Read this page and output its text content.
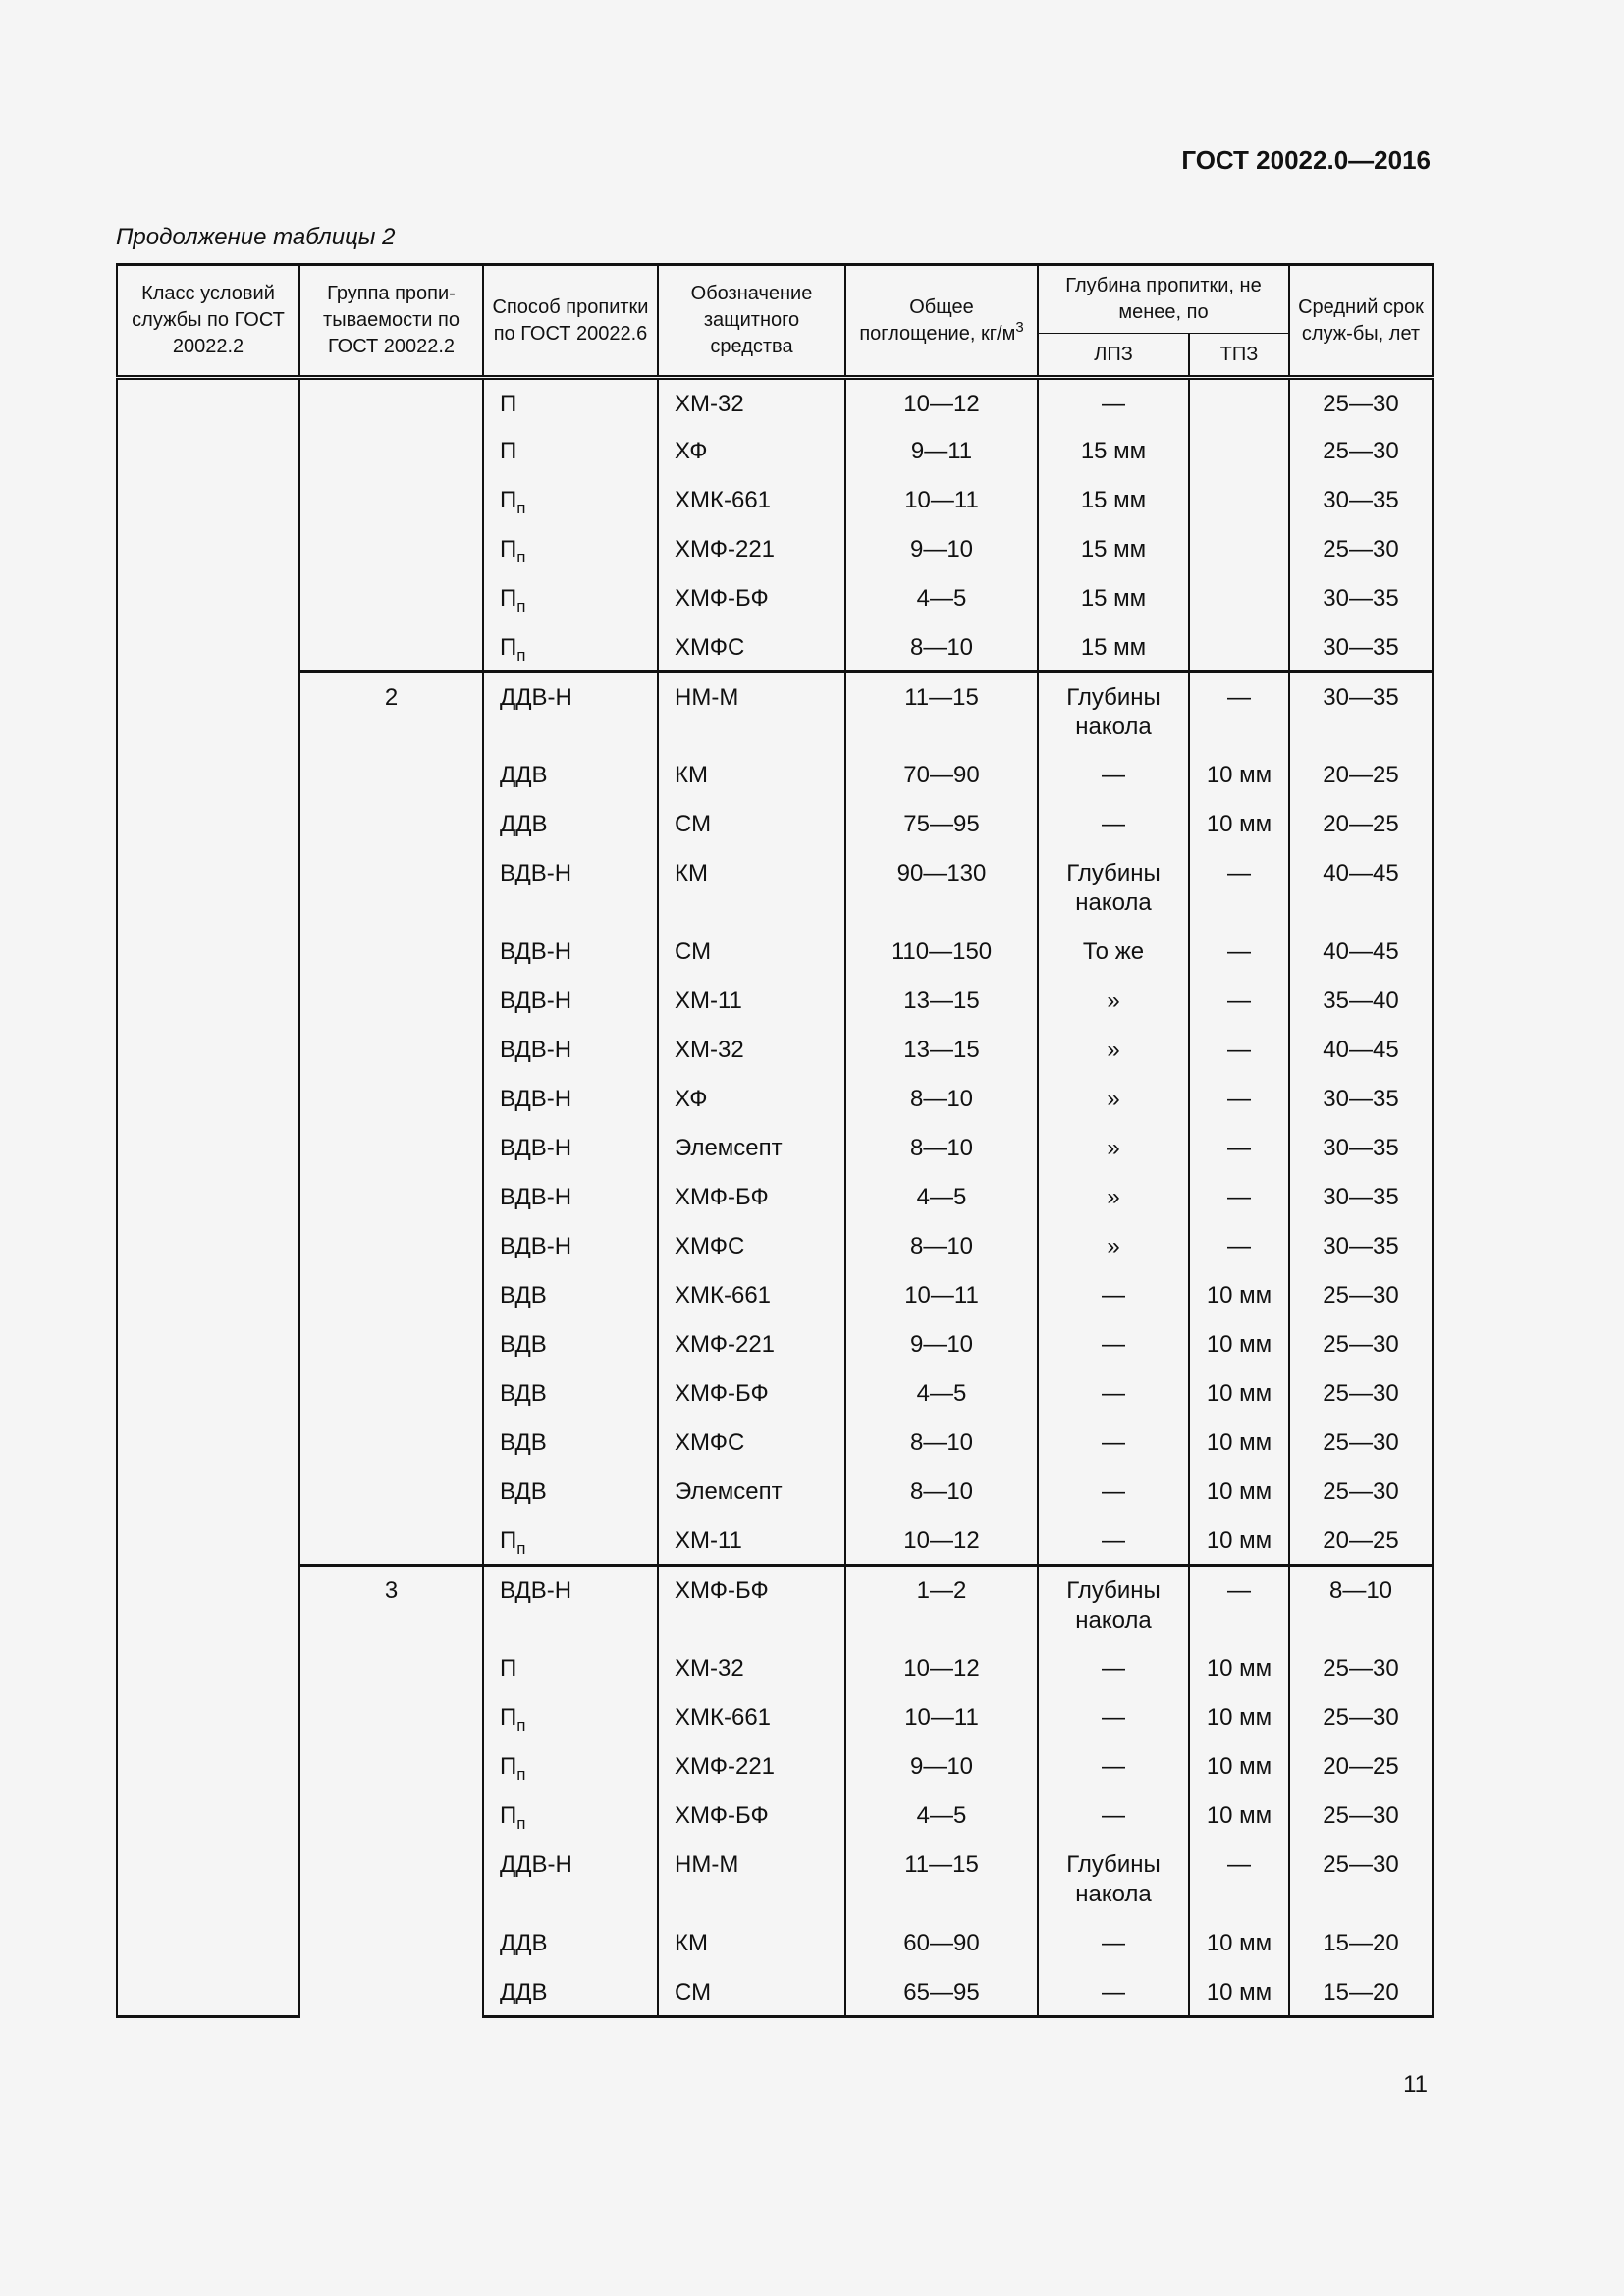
ГОСТ 20022.0—2016
Продолжение таблицы 2
Класс условий службы по ГОСТ 20022.2	Группа пропи-тываемости по ГОСТ 20022.2	Способ пропитки по ГОСТ 20022.6	Обозначение защитного средства	Общее поглощение, $кг/м^3$	Глубина пропитки, не менее, по		Средний срок служ-бы, лет
					ЛПЗ	ТПЗ	
		П	ХМ-32	10—12	—		25—30
		П	ХФ	9—11	15 мм		25—30
		$П_п$	ХМК-661	10—11	15 мм		30—35
		$П_п$	ХМФ-221	9—10	15 мм		25—30
		$П_п$	ХМФ-БФ	4—5	15 мм		30—35
		$П_п$	ХМФС	8—10	15 мм		30—35
	2	ДДВ-Н	НМ-М	11—15	Глубины накола	—	30—35
		ДДВ	КМ	70—90	—	10 мм	20—25
		ДДВ	СМ	75—95	—	10 мм	20—25
		ВДВ-Н	КМ	90—130	Глубины накола	—	40—45
		ВДВ-Н	СМ	110—150	То же	—	40—45
		ВДВ-Н	ХМ-11	13—15	»	—	35—40
		ВДВ-Н	ХМ-32	13—15	»	—	40—45
		ВДВ-Н	ХФ	8—10	»	—	30—35
		ВДВ-Н	Элемсепт	8—10	»	—	30—35
		ВДВ-Н	ХМФ-БФ	4—5	»	—	30—35
		ВДВ-Н	ХМФС	8—10	»	—	30—35
		ВДВ	ХМК-661	10—11	—	10 мм	25—30
		ВДВ	ХМФ-221	9—10	—	10 мм	25—30
		ВДВ	ХМФ-БФ	4—5	—	10 мм	25—30
		ВДВ	ХМФС	8—10	—	10 мм	25—30
		ВДВ	Элемсепт	8—10	—	10 мм	25—30
		$П_п$	ХМ-11	10—12	—	10 мм	20—25
	3	ВДВ-Н	ХМФ-БФ	1—2	Глубины накола	—	8—10
		П	ХМ-32	10—12	—	10 мм	25—30
		$П_п$	ХМК-661	10—11	—	10 мм	25—30
		$П_п$	ХМФ-221	9—10	—	10 мм	20—25
		$П_п$	ХМФ-БФ	4—5	—	10 мм	25—30
		ДДВ-Н	НМ-М	11—15	Глубины накола	—	25—30
		ДДВ	КМ	60—90	—	10 мм	15—20
		ДДВ	СМ	65—95	—	10 мм	15—20
11
